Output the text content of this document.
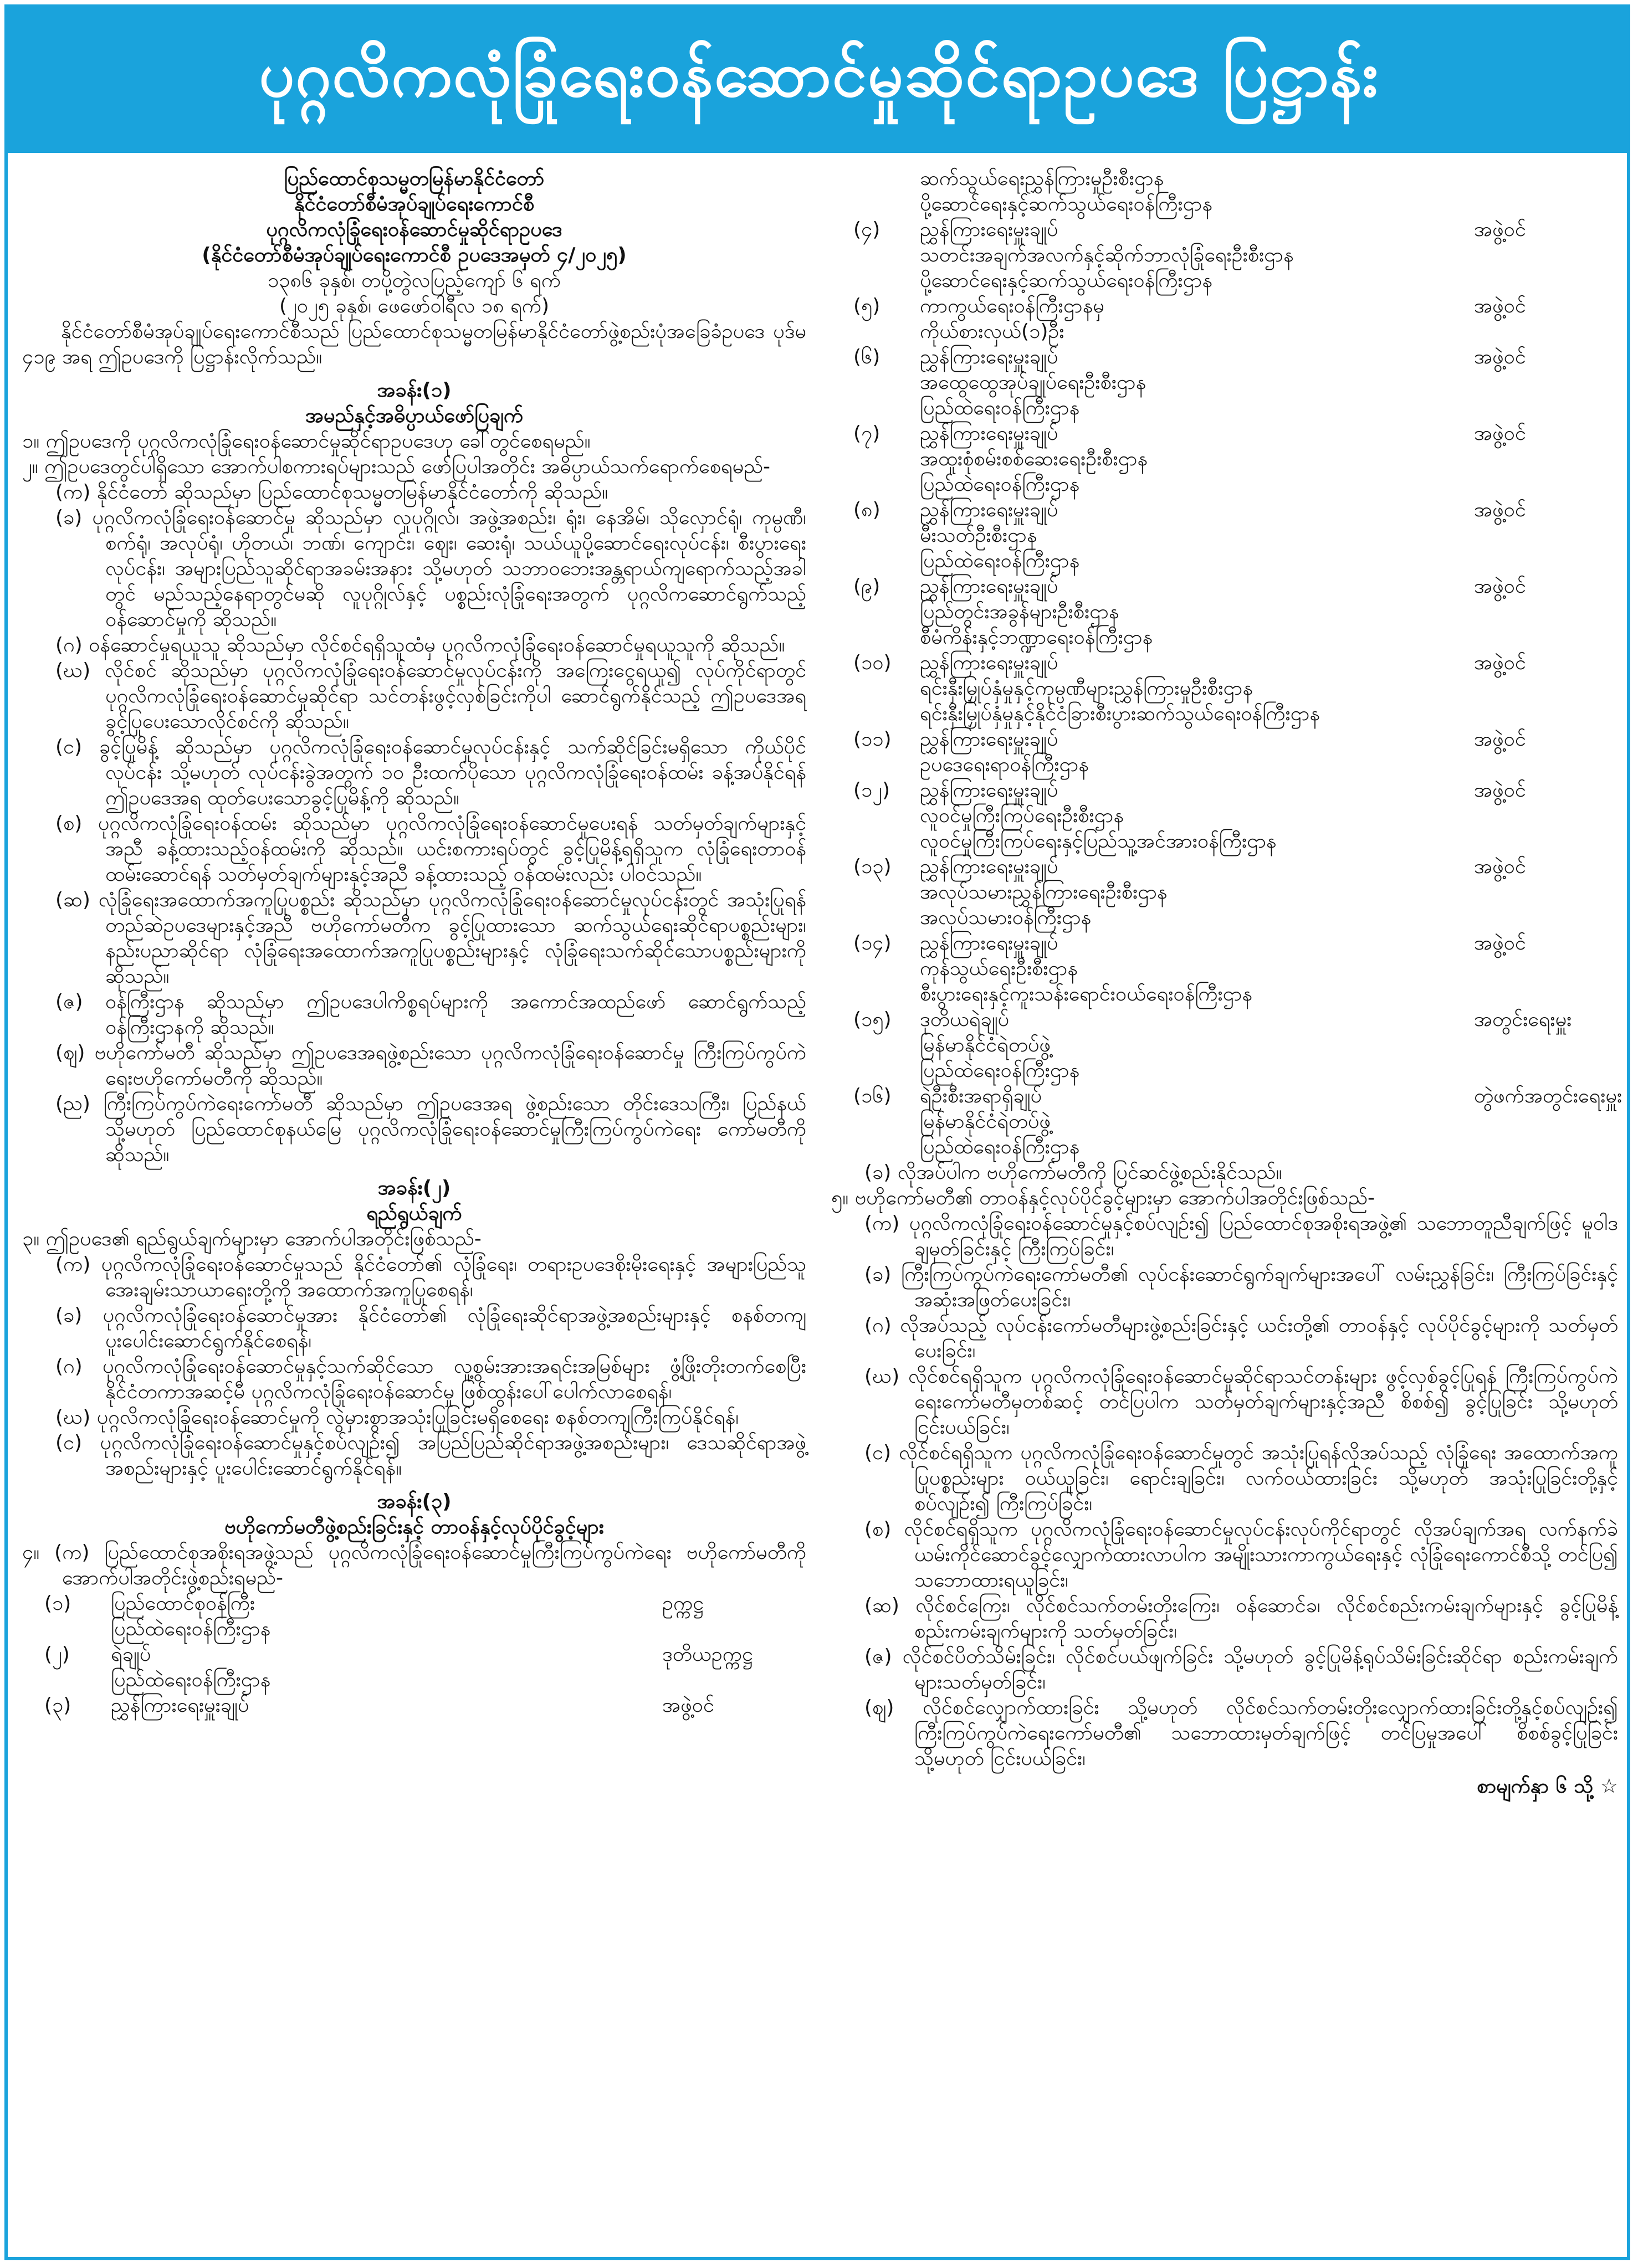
ပုဂ္ဂလိကလုံခြုံရေးဝန်ဆောင်မှုဆိုင်ရာဥပဒေ ပြဋ္ဌာန်း

ပြည်ထောင်စုသမ္မတမြန်မာနိုင်ငံတော်

နိုင်ငံတော်စီမံအုပ်ချုပ်ရေးကောင်စီ

ပုဂ္ဂလိကလုံခြုံရေးဝန်ဆောင်မှုဆိုင်ရာဥပဒေ

(နိုင်ငံတော်စီမံအုပ်ချုပ်ရေးကောင်စီ ဥပဒေအမှတ် ၄/၂၀၂၅)

၁၃၈၆ ခုနှစ်၊ တပို့တွဲလပြည့်ကျော် ၆ ရက်

(၂၀၂၅ ခုနှစ်၊ ဖေဖော်ဝါရီလ ၁၈ ရက်)

နိုင်ငံတော်စီမံအုပ်ချုပ်ရေးကောင်စီသည် ပြည်ထောင်စုသမ္မတမြန်မာနိုင်ငံတော်ဖွဲ့စည်းပုံအခြေခံဥပဒေ ပုဒ်မ ၄၁၉ အရ ဤဥပဒေကို ပြဋ္ဌာန်းလိုက်သည်။

အခန်း(၁)

အမည်နှင့်အဓိပ္ပာယ်ဖော်ပြချက်

၁။ ဤဥပဒေကို ပုဂ္ဂလိကလုံခြုံရေးဝန်ဆောင်မှုဆိုင်ရာဥပဒေဟု ခေါ်တွင်စေရမည်။

၂။ ဤဥပဒေတွင်ပါရှိသော အောက်ပါစကားရပ်များသည် ဖော်ပြပါအတိုင်း အဓိပ္ပာယ်သက်ရောက်စေရမည်-

(က) နိုင်ငံတော် ဆိုသည်မှာ ပြည်ထောင်စုသမ္မတမြန်မာနိုင်ငံတော်ကို ဆိုသည်။

(ခ) ပုဂ္ဂလိကလုံခြုံရေးဝန်ဆောင်မှု ဆိုသည်မှာ လူပုဂ္ဂိုလ်၊ အဖွဲ့အစည်း၊ ရုံး၊ နေအိမ်၊ သိုလှောင်ရုံ၊ ကုမ္ပဏီ၊ စက်ရုံ၊ အလုပ်ရုံ၊ ဟိုတယ်၊ ဘဏ်၊ ကျောင်း၊ ဈေး၊ ဆေးရုံ၊ သယ်ယူပို့ဆောင်ရေးလုပ်ငန်း၊ စီးပွားရေးလုပ်ငန်း၊ အများပြည်သူဆိုင်ရာအခမ်းအနား သို့မဟုတ် သဘာဝဘေးအန္တရာယ်ကျရောက်သည့်အခါတွင် မည်သည့်နေရာတွင်မဆို လူပုဂ္ဂိုလ်နှင့် ပစ္စည်းလုံခြုံရေးအတွက် ပုဂ္ဂလိကဆောင်ရွက်သည့် ဝန်ဆောင်မှုကို ဆိုသည်။

(ဂ) ဝန်ဆောင်မှုရယူသူ ဆိုသည်မှာ လိုင်စင်ရရှိသူထံမှ ပုဂ္ဂလိကလုံခြုံရေးဝန်ဆောင်မှုရယူသူကို ဆိုသည်။

(ဃ) လိုင်စင် ဆိုသည်မှာ ပုဂ္ဂလိကလုံခြုံရေးဝန်ဆောင်မှုလုပ်ငန်းကို အကြေးငွေရယူ၍ လုပ်ကိုင်ရာတွင် ပုဂ္ဂလိကလုံခြုံရေးဝန်ဆောင်မှုဆိုင်ရာ သင်တန်းဖွင့်လှစ်ခြင်းကိုပါ ဆောင်ရွက်နိုင်သည့် ဤဥပဒေအရ ခွင့်ပြုပေးသောလိုင်စင်ကို ဆိုသည်။

(င) ခွင့်ပြုမိန့် ဆိုသည်မှာ ပုဂ္ဂလိကလုံခြုံရေးဝန်ဆောင်မှုလုပ်ငန်းနှင့် သက်ဆိုင်ခြင်းမရှိသော ကိုယ်ပိုင်လုပ်ငန်း သို့မဟုတ် လုပ်ငန်းခွဲအတွက် ၁၀ ဦးထက်ပိုသော ပုဂ္ဂလိကလုံခြုံရေးဝန်ထမ်း ခန့်အပ်နိုင်ရန် ဤဥပဒေအရ ထုတ်ပေးသောခွင့်ပြုမိန့်ကို ဆိုသည်။

(စ) ပုဂ္ဂလိကလုံခြုံရေးဝန်ထမ်း ဆိုသည်မှာ ပုဂ္ဂလိကလုံခြုံရေးဝန်ဆောင်မှုပေးရန် သတ်မှတ်ချက်များနှင့်အညီ ခန့်ထားသည့်ဝန်ထမ်းကို ဆိုသည်။ ယင်းစကားရပ်တွင် ခွင့်ပြုမိန့်ရရှိသူက လုံခြုံရေးတာဝန်ထမ်းဆောင်ရန် သတ်မှတ်ချက်များနှင့်အညီ ခန့်ထားသည့် ဝန်ထမ်းလည်း ပါဝင်သည်။

(ဆ) လုံခြုံရေးအထောက်အကူပြုပစ္စည်း ဆိုသည်မှာ ပုဂ္ဂလိကလုံခြုံရေးဝန်ဆောင်မှုလုပ်ငန်းတွင် အသုံးပြုရန် တည်ဆဲဥပဒေများနှင့်အညီ ဗဟိုကော်မတီက ခွင့်ပြုထားသော ဆက်သွယ်ရေးဆိုင်ရာပစ္စည်းများ၊ နည်းပညာဆိုင်ရာ လုံခြုံရေးအထောက်အကူပြုပစ္စည်းများနှင့် လုံခြုံရေးသက်ဆိုင်သောပစ္စည်းများကို ဆိုသည်။

(ဇ) ဝန်ကြီးဌာန ဆိုသည်မှာ ဤဥပဒေပါကိစ္စရပ်များကို အကောင်အထည်ဖော် ဆောင်ရွက်သည့် ဝန်ကြီးဌာနကို ဆိုသည်။

(ဈ) ဗဟိုကော်မတီ ဆိုသည်မှာ ဤဥပဒေအရဖွဲ့စည်းသော ပုဂ္ဂလိကလုံခြုံရေးဝန်ဆောင်မှု ကြီးကြပ်ကွပ်ကဲရေးဗဟိုကော်မတီကို ဆိုသည်။

(ည) ကြီးကြပ်ကွပ်ကဲရေးကော်မတီ ဆိုသည်မှာ ဤဥပဒေအရ ဖွဲ့စည်းသော တိုင်းဒေသကြီး၊ ပြည်နယ် သို့မဟုတ် ပြည်ထောင်စုနယ်မြေ ပုဂ္ဂလိကလုံခြုံရေးဝန်ဆောင်မှုကြီးကြပ်ကွပ်ကဲရေး ကော်မတီကို ဆိုသည်။

အခန်း(၂)

ရည်ရွယ်ချက်

၃။ ဤဥပဒေ၏ ရည်ရွယ်ချက်များမှာ အောက်ပါအတိုင်းဖြစ်သည်-

(က) ပုဂ္ဂလိကလုံခြုံရေးဝန်ဆောင်မှုသည် နိုင်ငံတော်၏ လုံခြုံရေး၊ တရားဥပဒေစိုးမိုးရေးနှင့် အများပြည်သူအေးချမ်းသာယာရေးတို့ကို အထောက်အကူပြုစေရန်၊

(ခ) ပုဂ္ဂလိကလုံခြုံရေးဝန်ဆောင်မှုအား နိုင်ငံတော်၏ လုံခြုံရေးဆိုင်ရာအဖွဲ့အစည်းများနှင့် စနစ်တကျ ပူးပေါင်းဆောင်ရွက်နိုင်စေရန်၊

(ဂ) ပုဂ္ဂလိကလုံခြုံရေးဝန်ဆောင်မှုနှင့်သက်ဆိုင်သော လူ့စွမ်းအားအရင်းအမြစ်များ ဖွံ့ဖြိုးတိုးတက်စေပြီး နိုင်ငံတကာအဆင့်မီ ပုဂ္ဂလိကလုံခြုံရေးဝန်ဆောင်မှု ဖြစ်ထွန်းပေါ်ပေါက်လာစေရန်၊

(ဃ) ပုဂ္ဂလိကလုံခြုံရေးဝန်ဆောင်မှုကို လွဲမှားစွာအသုံးပြုခြင်းမရှိစေရေး စနစ်တကျကြီးကြပ်နိုင်ရန်၊

(င) ပုဂ္ဂလိကလုံခြုံရေးဝန်ဆောင်မှုနှင့်စပ်လျဉ်း၍ အပြည်ပြည်ဆိုင်ရာအဖွဲ့အစည်းများ၊ ဒေသဆိုင်ရာအဖွဲ့အစည်းများနှင့် ပူးပေါင်းဆောင်ရွက်နိုင်ရန်။

အခန်း(၃)

ဗဟိုကော်မတီဖွဲ့စည်းခြင်းနှင့် တာဝန်နှင့်လုပ်ပိုင်ခွင့်များ

၄။ (က) ပြည်ထောင်စုအစိုးရအဖွဲ့သည် ပုဂ္ဂလိကလုံခြုံရေးဝန်ဆောင်မှုကြီးကြပ်ကွပ်ကဲရေး ဗဟိုကော်မတီကို အောက်ပါအတိုင်းဖွဲ့စည်းရမည်-

(၁)	ပြည်ထောင်စုဝန်ကြီး
ပြည်ထဲရေးဝန်ကြီးဌာန
ဥက္ကဋ္ဌ
(၂)	ရဲချုပ်
ပြည်ထဲရေးဝန်ကြီးဌာန
ဒုတိယဥက္ကဋ္ဌ
(၃)	ညွှန်ကြားရေးမှူးချုပ်	အဖွဲ့ဝင်

ဆက်သွယ်ရေးညွှန်ကြားမှုဦးစီးဌာန
ပို့ဆောင်ရေးနှင့်ဆက်သွယ်ရေးဝန်ကြီးဌာန

(၄)	ညွှန်ကြားရေးမှူးချုပ်
သတင်းအချက်အလက်နှင့်ဆိုက်ဘာလုံခြုံရေးဦးစီးဌာန
ပို့ဆောင်ရေးနှင့်ဆက်သွယ်ရေးဝန်ကြီးဌာန
အဖွဲ့ဝင်
(၅)	ကာကွယ်ရေးဝန်ကြီးဌာနမှ
ကိုယ်စားလှယ်(၁)ဦး
အဖွဲ့ဝင်
(၆)	ညွှန်ကြားရေးမှူးချုပ်
အထွေထွေအုပ်ချုပ်ရေးဦးစီးဌာန
ပြည်ထဲရေးဝန်ကြီးဌာန
အဖွဲ့ဝင်
(၇)	ညွှန်ကြားရေးမှူးချုပ်
အထူးစုံစမ်းစစ်ဆေးရေးဦးစီးဌာန
ပြည်ထဲရေးဝန်ကြီးဌာန
အဖွဲ့ဝင်
(၈)	ညွှန်ကြားရေးမှူးချုပ်
မီးသတ်ဦးစီးဌာန
ပြည်ထဲရေးဝန်ကြီးဌာန
အဖွဲ့ဝင်
(၉)	ညွှန်ကြားရေးမှူးချုပ်
ပြည်တွင်းအခွန်များဦးစီးဌာန
စီမံကိန်းနှင့်ဘဏ္ဍာရေးဝန်ကြီးဌာန
အဖွဲ့ဝင်
(၁၀)	ညွှန်ကြားရေးမှူးချုပ်
ရင်းနှီးမြှုပ်နှံမှုနှင့်ကုမ္ပဏီများညွှန်ကြားမှုဦးစီးဌာန
ရင်းနှီးမြှုပ်နှံမှုနှင့်နိုင်ငံခြားစီးပွားဆက်သွယ်ရေးဝန်ကြီးဌာန
အဖွဲ့ဝင်
(၁၁)	ညွှန်ကြားရေးမှူးချုပ်
ဥပဒေရေးရာဝန်ကြီးဌာန
အဖွဲ့ဝင်
(၁၂)	ညွှန်ကြားရေးမှူးချုပ်
လူဝင်မှုကြီးကြပ်ရေးဦးစီးဌာန
လူဝင်မှုကြီးကြပ်ရေးနှင့်ပြည်သူ့အင်အားဝန်ကြီးဌာန
အဖွဲ့ဝင်
(၁၃)	ညွှန်ကြားရေးမှူးချုပ်
အလုပ်သမားညွှန်ကြားရေးဦးစီးဌာန
အလုပ်သမားဝန်ကြီးဌာန
အဖွဲ့ဝင်
(၁၄)	ညွှန်ကြားရေးမှူးချုပ်
ကုန်သွယ်ရေးဦးစီးဌာန
စီးပွားရေးနှင့်ကူးသန်းရောင်းဝယ်ရေးဝန်ကြီးဌာန
အဖွဲ့ဝင်
(၁၅)	ဒုတိယရဲချုပ်
မြန်မာနိုင်ငံရဲတပ်ဖွဲ့
ပြည်ထဲရေးဝန်ကြီးဌာန
အတွင်းရေးမှူး
(၁၆)	ရဲဦးစီးအရာရှိချုပ်
မြန်မာနိုင်ငံရဲတပ်ဖွဲ့
ပြည်ထဲရေးဝန်ကြီးဌာန
တွဲဖက်အတွင်းရေးမှူး

(ခ) လိုအပ်ပါက ဗဟိုကော်မတီကို ပြင်ဆင်ဖွဲ့စည်းနိုင်သည်။

၅။ ဗဟိုကော်မတီ၏ တာဝန်နှင့်လုပ်ပိုင်ခွင့်များမှာ အောက်ပါအတိုင်းဖြစ်သည်-

(က) ပုဂ္ဂလိကလုံခြုံရေးဝန်ဆောင်မှုနှင့်စပ်လျဉ်း၍ ပြည်ထောင်စုအစိုးရအဖွဲ့၏ သဘောတူညီချက်ဖြင့် မူဝါဒချမှတ်ခြင်းနှင့် ကြီးကြပ်ခြင်း၊

(ခ) ကြီးကြပ်ကွပ်ကဲရေးကော်မတီ၏ လုပ်ငန်းဆောင်ရွက်ချက်များအပေါ် လမ်းညွှန်ခြင်း၊ ကြီးကြပ်ခြင်းနှင့် အဆုံးအဖြတ်ပေးခြင်း၊

(ဂ) လိုအပ်သည့် လုပ်ငန်းကော်မတီများဖွဲ့စည်းခြင်းနှင့် ယင်းတို့၏ တာဝန်နှင့် လုပ်ပိုင်ခွင့်များကို သတ်မှတ်ပေးခြင်း၊

(ဃ) လိုင်စင်ရရှိသူက ပုဂ္ဂလိကလုံခြုံရေးဝန်ဆောင်မှုဆိုင်ရာသင်တန်းများ ဖွင့်လှစ်ခွင့်ပြုရန် ကြီးကြပ်ကွပ်ကဲရေးကော်မတီမှတစ်ဆင့် တင်ပြပါက သတ်မှတ်ချက်များနှင့်အညီ စိစစ်၍ ခွင့်ပြုခြင်း သို့မဟုတ် ငြင်းပယ်ခြင်း၊

(င) လိုင်စင်ရရှိသူက ပုဂ္ဂလိကလုံခြုံရေးဝန်ဆောင်မှုတွင် အသုံးပြုရန်လိုအပ်သည့် လုံခြုံရေး အထောက်အကူပြုပစ္စည်းများ ဝယ်ယူခြင်း၊ ရောင်းချခြင်း၊ လက်ဝယ်ထားခြင်း သို့မဟုတ် အသုံးပြုခြင်းတို့နှင့်စပ်လျဉ်း၍ ကြီးကြပ်ခြင်း၊

(စ) လိုင်စင်ရရှိသူက ပုဂ္ဂလိကလုံခြုံရေးဝန်ဆောင်မှုလုပ်ငန်းလုပ်ကိုင်ရာတွင် လိုအပ်ချက်အရ လက်နက်ခဲယမ်းကိုင်ဆောင်ခွင့်လျှောက်ထားလာပါက အမျိုးသားကာကွယ်ရေးနှင့် လုံခြုံရေးကောင်စီသို့ တင်ပြ၍ သဘောထားရယူခြင်း၊

(ဆ) လိုင်စင်ကြေး၊ လိုင်စင်သက်တမ်းတိုးကြေး၊ ဝန်ဆောင်ခ၊ လိုင်စင်စည်းကမ်းချက်များနှင့် ခွင့်ပြုမိန့်စည်းကမ်းချက်များကို သတ်မှတ်ခြင်း၊

(ဇ) လိုင်စင်ပိတ်သိမ်းခြင်း၊ လိုင်စင်ပယ်ဖျက်ခြင်း သို့မဟုတ် ခွင့်ပြုမိန့်ရုပ်သိမ်းခြင်းဆိုင်ရာ စည်းကမ်းချက်များသတ်မှတ်ခြင်း၊

(ဈ) လိုင်စင်လျှောက်ထားခြင်း သို့မဟုတ် လိုင်စင်သက်တမ်းတိုးလျှောက်ထားခြင်းတို့နှင့်စပ်လျဉ်း၍ ကြီးကြပ်ကွပ်ကဲရေးကော်မတီ၏ သဘောထားမှတ်ချက်ဖြင့် တင်ပြမှုအပေါ် စိစစ်ခွင့်ပြုခြင်း သို့မဟုတ် ငြင်းပယ်ခြင်း၊

စာမျက်နှာ ၆ သို့ ☆
